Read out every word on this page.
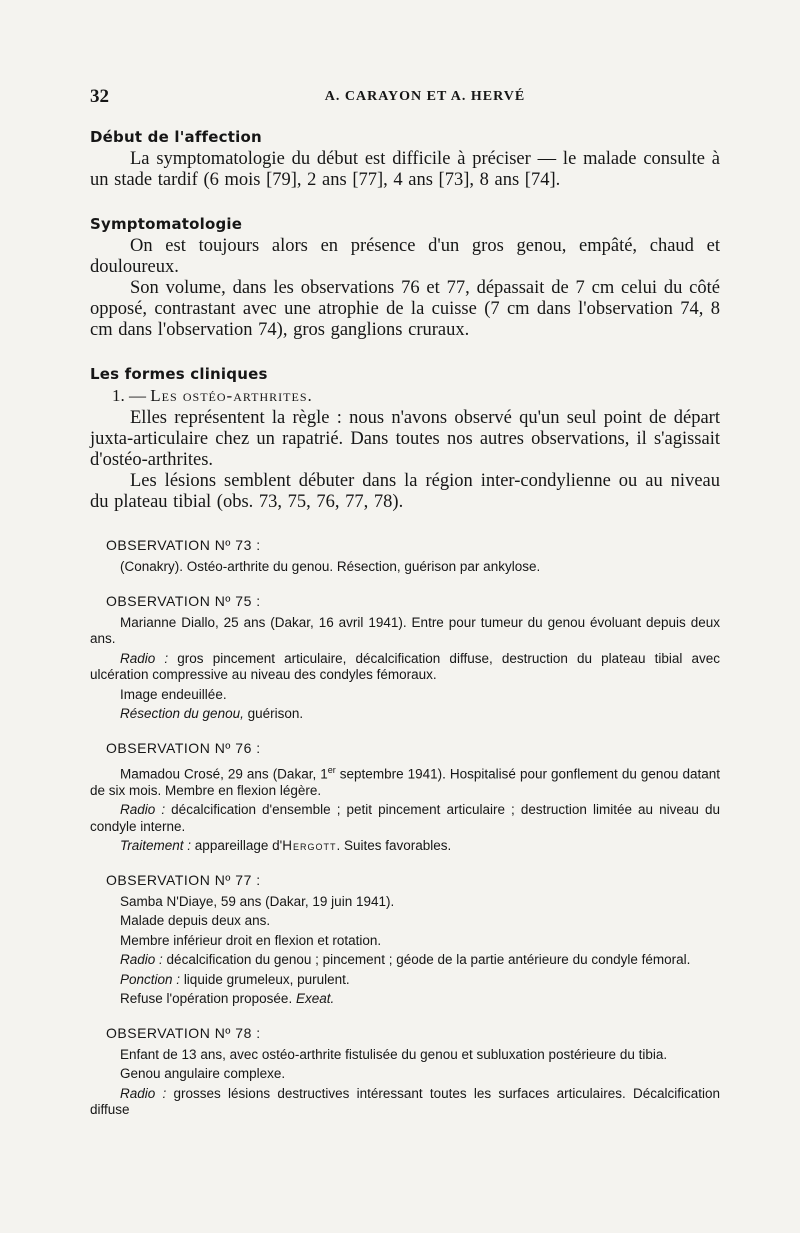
32	A. CARAYON ET A. HERVÉ
Début de l'affection

La symptomatologie du début est difficile à préciser — le malade consulte à un stade tardif (6 mois [79], 2 ans [77], 4 ans [73], 8 ans [74].

Symptomatologie

On est toujours alors en présence d'un gros genou, empâté, chaud et douloureux.

Son volume, dans les observations 76 et 77, dépassait de 7 cm celui du côté opposé, contrastant avec une atrophie de la cuisse (7 cm dans l'observation 74, 8 cm dans l'observation 74), gros ganglions cruraux.

Les formes cliniques
1. — Les ostéo-arthrites.

Elles représentent la règle : nous n'avons observé qu'un seul point de départ juxta-articulaire chez un rapatrié. Dans toutes nos autres observations, il s'agissait d'ostéo-arthrites.

Les lésions semblent débuter dans la région inter-condylienne ou au niveau du plateau tibial (obs. 73, 75, 76, 77, 78).

OBSERVATION Nº 73 :

(Conakry). Ostéo-arthrite du genou. Résection, guérison par ankylose.

OBSERVATION Nº 75 :

Marianne Diallo, 25 ans (Dakar, 16 avril 1941). Entre pour tumeur du genou évoluant depuis deux ans.

Radio : gros pincement articulaire, décalcification diffuse, destruction du plateau tibial avec ulcération compressive au niveau des condyles fémoraux.

Image endeuillée.

Résection du genou, guérison.

OBSERVATION Nº 76 :

Mamadou Crosé, 29 ans (Dakar, 1er septembre 1941). Hospitalisé pour gonflement du genou datant de six mois. Membre en flexion légère.

Radio : décalcification d'ensemble ; petit pincement articulaire ; destruction limitée au niveau du condyle interne.

Traitement : appareillage d'Hergott. Suites favorables.

OBSERVATION Nº 77 :

Samba N'Diaye, 59 ans (Dakar, 19 juin 1941).

Malade depuis deux ans.

Membre inférieur droit en flexion et rotation.

Radio : décalcification du genou ; pincement ; géode de la partie antérieure du condyle fémoral.

Ponction : liquide grumeleux, purulent.

Refuse l'opération proposée. Exeat.

OBSERVATION Nº 78 :

Enfant de 13 ans, avec ostéo-arthrite fistulisée du genou et subluxation postérieure du tibia.

Genou angulaire complexe.

Radio : grosses lésions destructives intéressant toutes les surfaces articulaires. Décalcification diffuse
